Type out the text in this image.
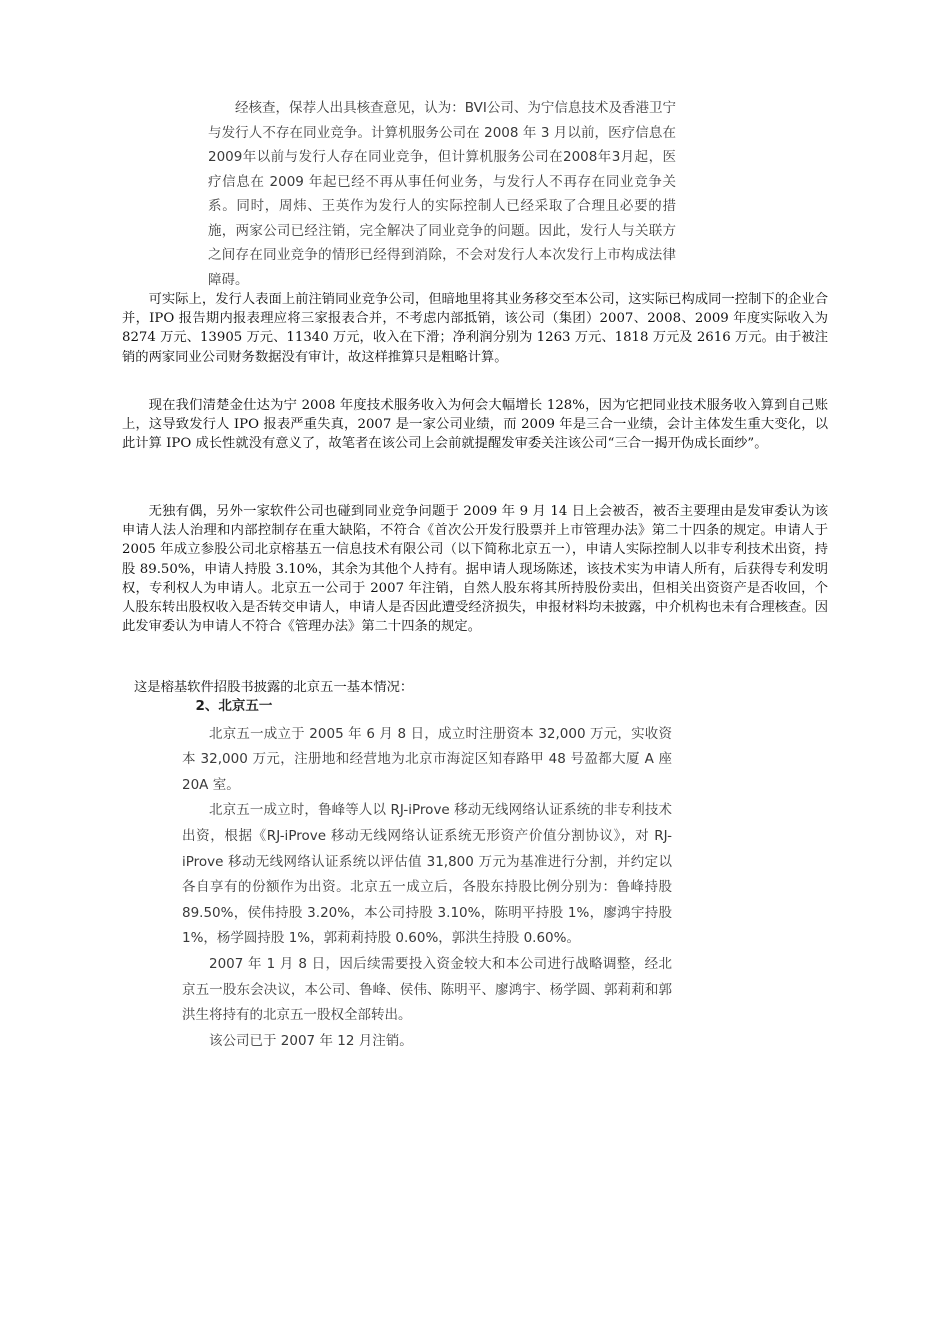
经核查，保荐人出具核查意见，认为：BVI公司、为宁信息技术及香港卫宁与发行人不存在同业竞争。计算机服务公司在 2008 年 3 月以前，医疗信息在 2009年以前与发行人存在同业竞争，但计算机服务公司在2008年3月起，医疗信息在 2009 年起已经不再从事任何业务，与发行人不再存在同业竞争关系。同时，周炜、王英作为发行人的实际控制人已经采取了合理且必要的措施，两家公司已经注销，完全解决了同业竞争的问题。因此，发行人与关联方之间存在同业竞争的情形已经得到消除，不会对发行人本次发行上市构成法律障碍。

可实际上，发行人表面上前注销同业竞争公司，但暗地里将其业务移交至本公司，这实际已构成同一控制下的企业合并，IPO 报告期内报表理应将三家报表合并，不考虑内部抵销，该公司（集团）2007、2008、2009 年度实际收入为 8274 万元、13905 万元、11340 万元，收入在下滑；净利润分别为 1263 万元、1818 万元及 2616 万元。由于被注销的两家同业公司财务数据没有审计，故这样推算只是粗略计算。

现在我们清楚金仕达为宁 2008 年度技术服务收入为何会大幅增长 128%，因为它把同业技术服务收入算到自己账上，这导致发行人 IPO 报表严重失真，2007 是一家公司业绩，而 2009 年是三合一业绩，会计主体发生重大变化，以此计算 IPO 成长性就没有意义了，故笔者在该公司上会前就提醒发审委关注该公司“三合一揭开伪成长面纱”。

无独有偶，另外一家软件公司也碰到同业竞争问题于 2009 年 9 月 14 日上会被否，被否主要理由是发审委认为该申请人法人治理和内部控制存在重大缺陷，不符合《首次公开发行股票并上市管理办法》第二十四条的规定。申请人于 2005 年成立参股公司北京榕基五一信息技术有限公司（以下简称北京五一），申请人实际控制人以非专利技术出资，持股 89.50%，申请人持股 3.10%，其余为其他个人持有。据申请人现场陈述，该技术实为申请人所有，后获得专利发明权，专利权人为申请人。北京五一公司于 2007 年注销，自然人股东将其所持股份卖出，但相关出资资产是否收回，个人股东转出股权收入是否转交申请人，申请人是否因此遭受经济损失，申报材料均未披露，中介机构也未有合理核查。因此发审委认为申请人不符合《管理办法》第二十四条的规定。

这是榕基软件招股书披露的北京五一基本情况：

2、北京五一

北京五一成立于 2005 年 6 月 8 日，成立时注册资本 32,000 万元，实收资本 32,000 万元，注册地和经营地为北京市海淀区知春路甲 48 号盈都大厦 A 座 20A 室。

北京五一成立时，鲁峰等人以 RJ-iProve 移动无线网络认证系统的非专利技术出资，根据《RJ-iProve 移动无线网络认证系统无形资产价值分割协议》，对 RJ-iProve 移动无线网络认证系统以评估值 31,800 万元为基准进行分割，并约定以各自享有的份额作为出资。北京五一成立后，各股东持股比例分别为：鲁峰持股 89.50%，侯伟持股 3.20%，本公司持股 3.10%，陈明平持股 1%，廖鸿宇持股 1%，杨学圆持股 1%，郭莉莉持股 0.60%，郭洪生持股 0.60%。

2007 年 1 月 8 日，因后续需要投入资金较大和本公司进行战略调整，经北京五一股东会决议，本公司、鲁峰、侯伟、陈明平、廖鸿宇、杨学圆、郭莉莉和郭洪生将持有的北京五一股权全部转出。

该公司已于 2007 年 12 月注销。
